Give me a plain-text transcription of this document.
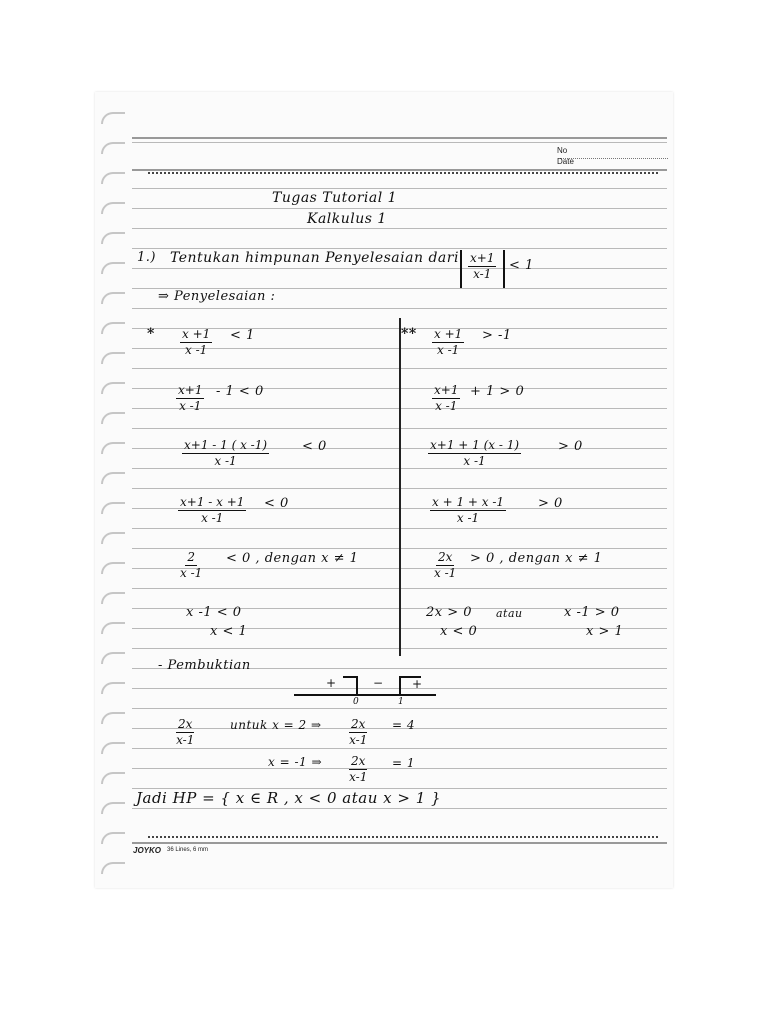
No
Date
Tugas Tutorial 1
Kalkulus 1
1.) Tentukan himpunan Penyelesaian dari $\frac{x+1}{x-1} < 1$
⇒ Penyelesaian :
* $\frac{x +1}{x -1} < 1$
$\frac{x+1}{x -1} - 1 < 0$
$\frac{x+1 - 1 ( x -1)}{x -1}$	< 0
$\frac{x+1 - x +1}{x -1} < 0$
$\frac{2}{x -1} < 0$ , dengan x ≠ 1
x -1 < 0
x < 1
** $\frac{x +1}{x -1} > -1$
$\frac{x+1}{x -1} + 1 > 0$
$\frac{x+1 + 1 (x - 1)}{x -1}$	> 0
$\frac{x + 1 + x -1}{x -1} > 0$
$\frac{2x}{x -1} > 0$ , dengan x ≠ 1
2x > 0 atau	x -1 > 0
x < 0	x > 1
- Pembuktian
+	− +
0	1
$\frac{2x}{x-1}$	untuk x = 2 ⇒ $\frac{2x}{x-1} = 4$
x = -1 ⇒ $\frac{2x}{x-1} = 1$
Jadi HP = { x ∈ R , x < 0 atau x > 1 }
JOYKO 36 Lines, 6 mm
